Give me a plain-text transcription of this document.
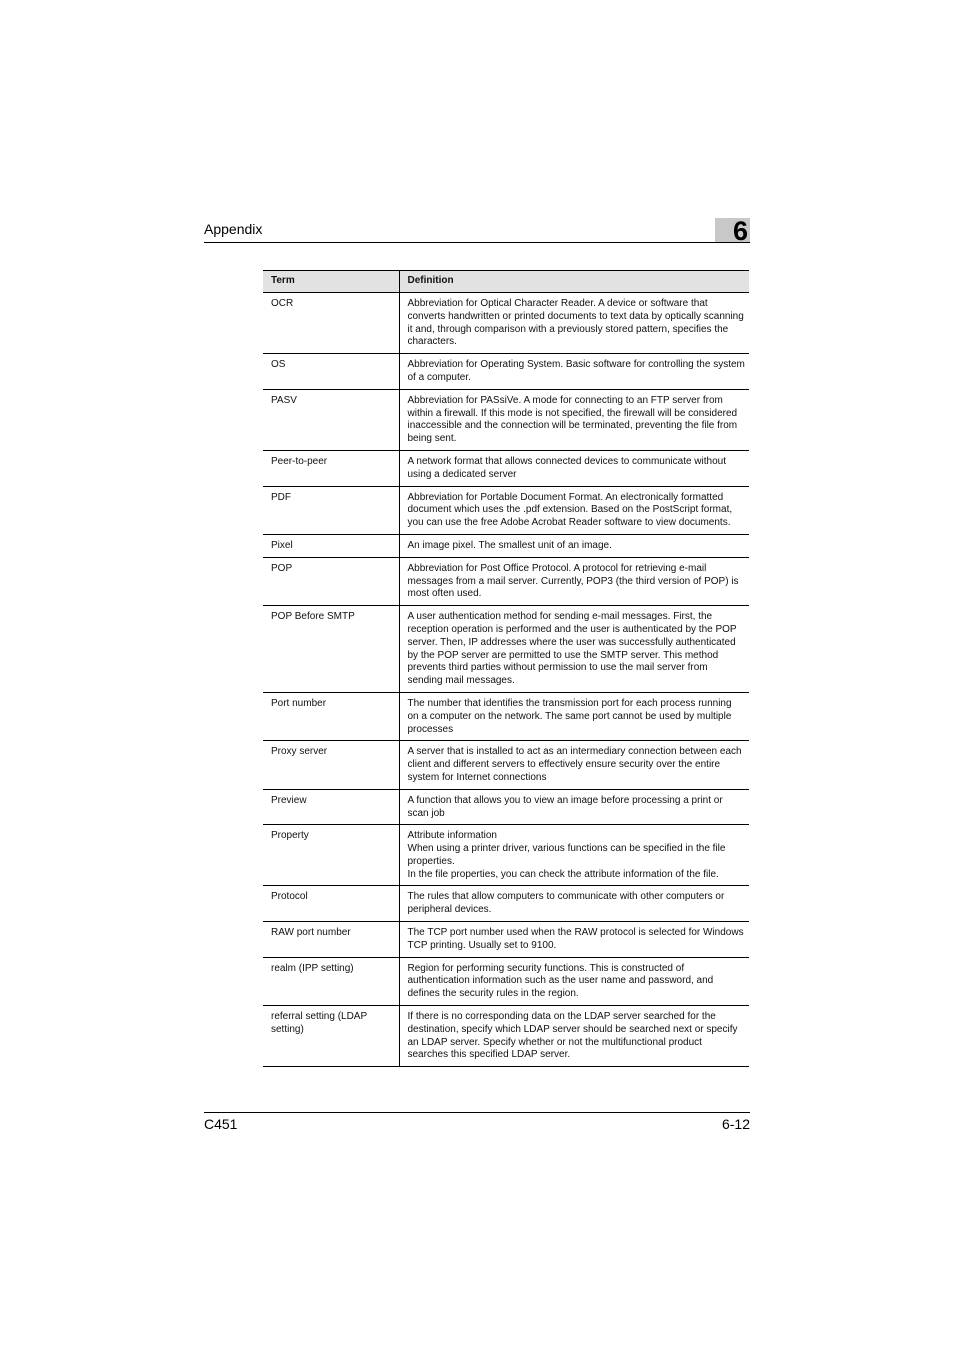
Appendix	6
Term	Definition
OCR	Abbreviation for Optical Character Reader. A device or software that converts handwritten or printed documents to text data by optically scanning it and, through comparison with a previously stored pattern, specifies the characters.

OS	Abbreviation for Operating System. Basic software for controlling the system of a computer.

PASV	Abbreviation for PASsiVe. A mode for connecting to an FTP server from within a firewall. If this mode is not specified, the firewall will be considered inaccessible and the connection will be terminated, preventing the file from being sent.

Peer-to-peer	A network format that allows connected devices to communicate without using a dedicated server

PDF	Abbreviation for Portable Document Format. An electronically formatted document which uses the .pdf extension. Based on the PostScript format, you can use the free Adobe Acrobat Reader software to view documents.

Pixel	An image pixel. The smallest unit of an image.

POP	Abbreviation for Post Office Protocol. A protocol for retrieving e-mail messages from a mail server. Currently, POP3 (the third version of POP) is most often used.

POP Before SMTP	A user authentication method for sending e-mail messages. First, the reception operation is performed and the user is authenticated by the POP server. Then, IP addresses where the user was successfully authenticated by the POP server are permitted to use the SMTP server. This method prevents third parties without permission to use the mail server from sending mail messages.

Port number	The number that identifies the transmission port for each process running on a computer on the network. The same port cannot be used by multiple processes

Proxy server	A server that is installed to act as an intermediary connection between each client and different servers to effectively ensure security over the entire system for Internet connections

Preview	A function that allows you to view an image before processing a print or scan job

Property	Attribute information
When using a printer driver, various functions can be specified in the file properties.
In the file properties, you can check the attribute information of the file.

Protocol	The rules that allow computers to communicate with other computers or peripheral devices.

RAW port number	The TCP port number used when the RAW protocol is selected for Windows TCP printing. Usually set to 9100.

realm (IPP setting)	Region for performing security functions. This is constructed of authentication information such as the user name and password, and defines the security rules in the region.

referral setting (LDAP setting)	If there is no corresponding data on the LDAP server searched for the destination, specify which LDAP server should be searched next or specify an LDAP server. Specify whether or not the multifunctional product searches this specified LDAP server.
C451	6-12
